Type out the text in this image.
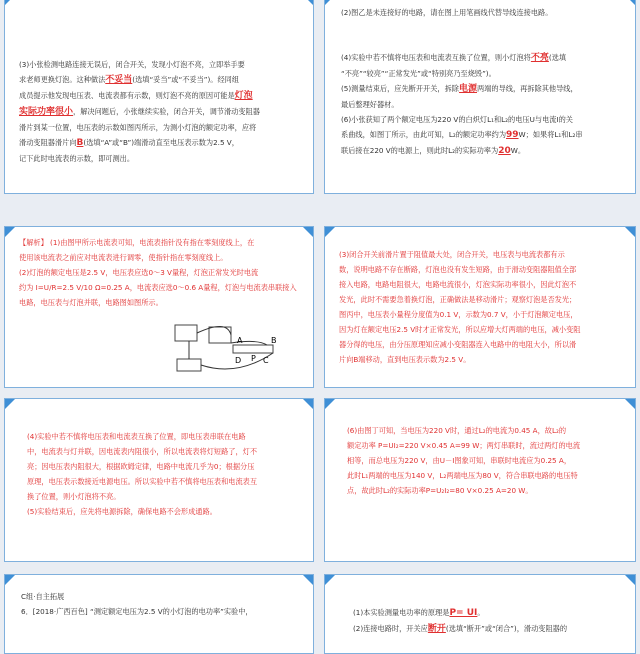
(3)小张检测电路连接无误后，闭合开关，发现小灯泡不亮，立即举手要
求老师更换灯泡。这种做法不妥当(选填“妥当”或“不妥当”)。经同组
成员提示他发现电压表、电流表都有示数，则灯泡不亮的原因可能是灯泡
实际功率很小，解决问题后，小张继续实验，闭合开关，调节滑动变阻器
滑片到某一位置，电压表的示数如图丙所示，为测小灯泡的额定功率，应将
滑动变阻器滑片向B(选填“A”或“B”)端滑动直至电压表示数为2.5 V，
记下此时电流表的示数，即可测出。
(2)图乙是未连接好的电路，请在图上用笔画线代替导线连接电路。
(4)实验中若不慎将电压表和电流表互换了位置，则小灯泡将不亮(选填
“不亮”“较亮”“正常发光”或“特别亮乃至烧毁”)。
(5)测量结束后，应先断开开关，拆除电源两端的导线，再拆除其他导线，
最后整理好器材。
(6)小张获知了两个额定电压为220 V的白炽灯L₁和L₂的电压U与电流I的关
系曲线，如图丁所示，由此可知，L₂的额定功率约为99W；如果将L₁和L₂串
联后接在220 V的电源上，则此时L₂的实际功率为20W。
【解析】 (1)由图甲所示电流表可知，电流表指针没有指在零刻度线上，在
使用该电流表之前应对电流表进行调零，使指针指在零刻度线上。
(2)灯泡的额定电压是2.5 V，电压表应选0～3 V量程，灯泡正常发光时电流
约为 I=U/R=2.5 V/10 Ω=0.25 A，电流表应选0～0.6 A量程，灯泡与电流表串联接入
电路，电压表与灯泡并联，电路图如图所示。
A	B
C
D P
(3)闭合开关前滑片置于阻值最大处，闭合开关，电压表与电流表都有示
数，说明电路不存在断路，灯泡也没有发生短路，由于滑动变阻器阻值全部
接入电路，电路电阻很大，电路电流很小，灯泡实际功率很小，因此灯泡不
发光，此时不需要急着换灯泡，正确做法是移动滑片；观察灯泡是否发光；
图丙中，电压表小量程分度值为0.1 V，示数为0.7 V，小于灯泡额定电压，
因为灯在额定电压2.5 V时才正常发光，所以应增大灯两端的电压，减小变阻
器分得的电压，由分压原理知应减小变阻器连入电路中的电阻大小，所以滑
片向B端移动，直到电压表示数为2.5 V。
(4)实验中若不慎将电压表和电流表互换了位置，即电压表串联在电路
中，电流表与灯并联，因电流表内阻很小，所以电流表将灯短路了，灯不
亮；因电压表内阻很大，根据欧姆定律，电路中电流几乎为0；根据分压
原理，电压表示数接近电源电压。所以实验中若不慎将电压表和电流表互
换了位置，则小灯泡将不亮。
(5)实验结束后，应先将电源拆除，确保电路不会形成通路。
(6)由图丁可知，当电压为220 V时，通过L₂的电流为0.45 A，故L₂的
额定功率 P=UI₂=220 V×0.45 A=99 W；两灯串联时，流过两灯的电流
相等，而总电压为220 V，由U－I图象可知，串联时电流应为0.25 A，
此时L₁两端的电压为140 V，L₂两端电压为80 V，符合串联电路的电压特
点，故此时L₂的实际功率P=U₂I₂=80 V×0.25 A=20 W。
C组·自主拓展
6．[2018·广西百色] “测定额定电压为2.5 V的小灯泡的电功率”实验中，	(1)本实验测量电功率的原理是P= UI。
(2)连接电路时，开关应断开(选填“断开”或“闭合”)，滑动变阻器的
